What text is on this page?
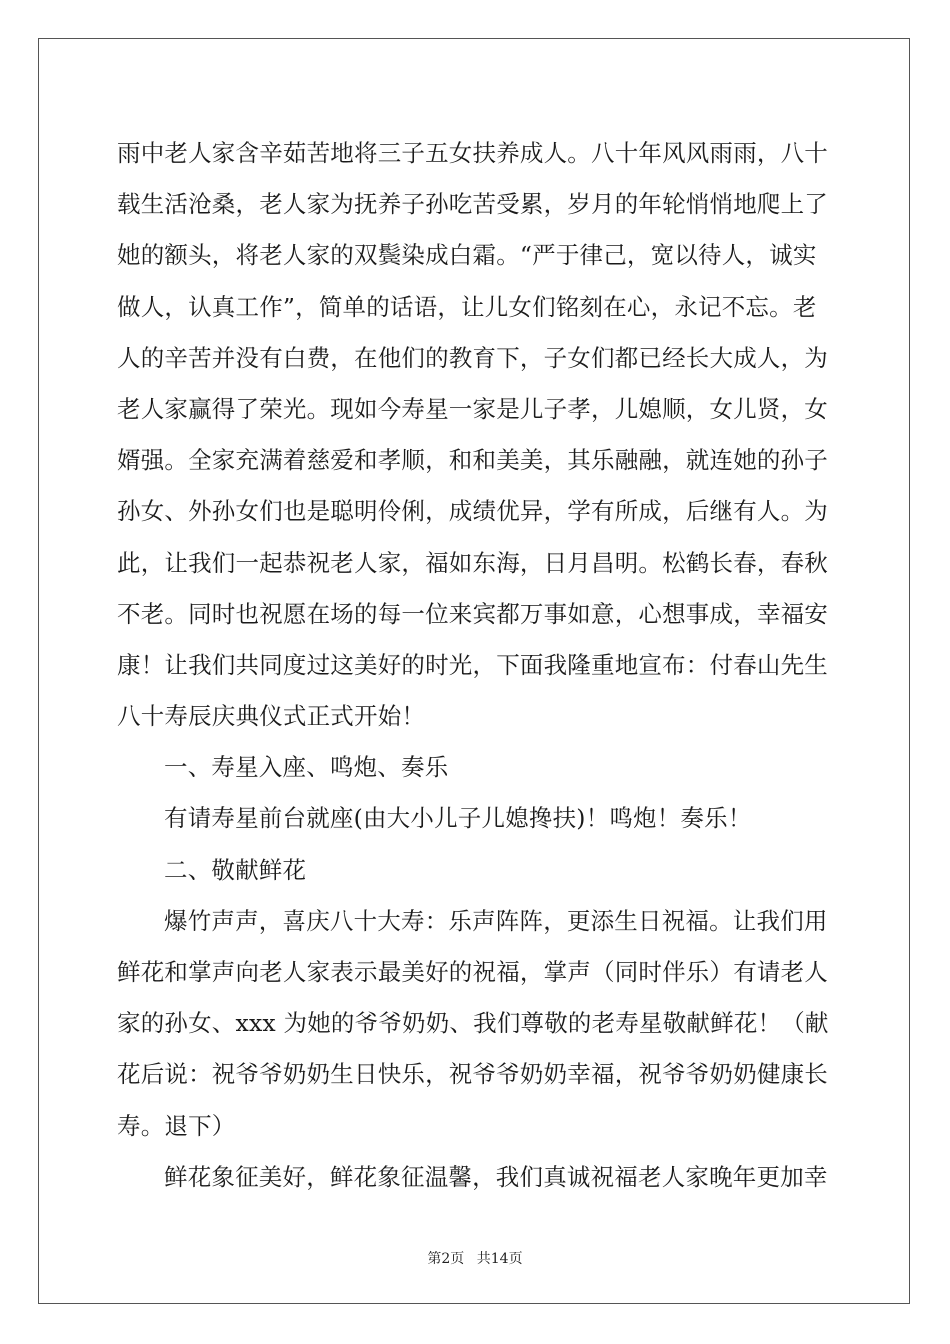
雨中老人家含辛茹苦地将三子五女扶养成人。八十年风风雨雨，八十
载生活沧桑，老人家为抚养子孙吃苦受累，岁月的年轮悄悄地爬上了
她的额头，将老人家的双鬓染成白霜。“严于律己，宽以待人，诚实
做人，认真工作”，简单的话语，让儿女们铭刻在心，永记不忘。老
人的辛苦并没有白费，在他们的教育下，子女们都已经长大成人，为
老人家赢得了荣光。现如今寿星一家是儿子孝，儿媳顺，女儿贤，女
婿强。全家充满着慈爱和孝顺，和和美美，其乐融融，就连她的孙子
孙女、外孙女们也是聪明伶俐，成绩优异，学有所成，后继有人。为
此，让我们一起恭祝老人家，福如东海，日月昌明。松鹤长春，春秋
不老。同时也祝愿在场的每一位来宾都万事如意，心想事成，幸福安
康！让我们共同度过这美好的时光，下面我隆重地宣布：付春山先生
八十寿辰庆典仪式正式开始！
一、寿星入座、鸣炮、奏乐
有请寿星前台就座(由大小儿子儿媳搀扶)！鸣炮！奏乐！
二、敬献鲜花
爆竹声声，喜庆八十大寿：乐声阵阵，更添生日祝福。让我们用
鲜花和掌声向老人家表示最美好的祝福，掌声（同时伴乐）有请老人
家的孙女、xxx 为她的爷爷奶奶、我们尊敬的老寿星敬献鲜花！（献
花后说：祝爷爷奶奶生日快乐，祝爷爷奶奶幸福，祝爷爷奶奶健康长
寿。退下）
鲜花象征美好，鲜花象征温馨，我们真诚祝福老人家晚年更加幸
第2页 共14页
